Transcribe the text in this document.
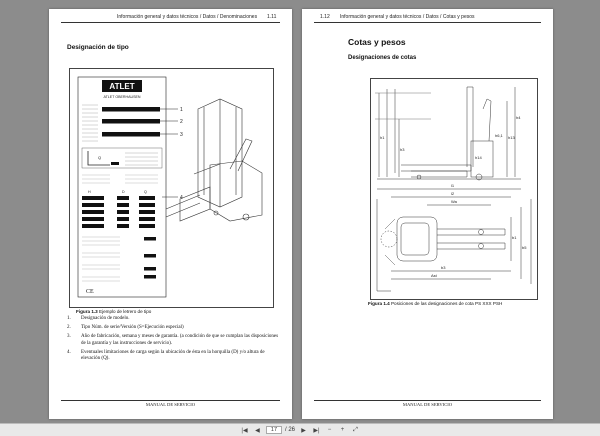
Información general y datos técnicos / Datos / Denominaciones 1.11
Designación de tipo
ATLET
ATLET OBERHAUSEN
Q
H	D	Q
CE
1
2
3
4
Figura 1.3 Ejemplo de letrero de tipo
1.	Designación de modelo.
2.	Tipo Núm. de serie/Versión (S=Ejecución especial)
3.	Año de fabricación, semana y meses de garantía. (a condición de que se cumplan las disposiciones de la garantía y las instrucciones de servicio).
4.	Eventuales limitaciones de carga según la ubicación de ésta en la horquilla (D) y/o altura de elevación (Q).
MANUAL DE SERVICIO
1.12 Información general y datos técnicos / Datos / Cotas y pesos
Cotas y pesos
Designaciones de cotas
h1
h3
h13
h4
h6,1
h14
l1
l2
b1
b5
Wa
b3
Ast
Figura 1.4 Posiciones de las designaciones de cota PS XXX PSH
MANUAL DE SERVICIO
|◀	◀	17	/ 26	▶	▶|	−	+	⤢
